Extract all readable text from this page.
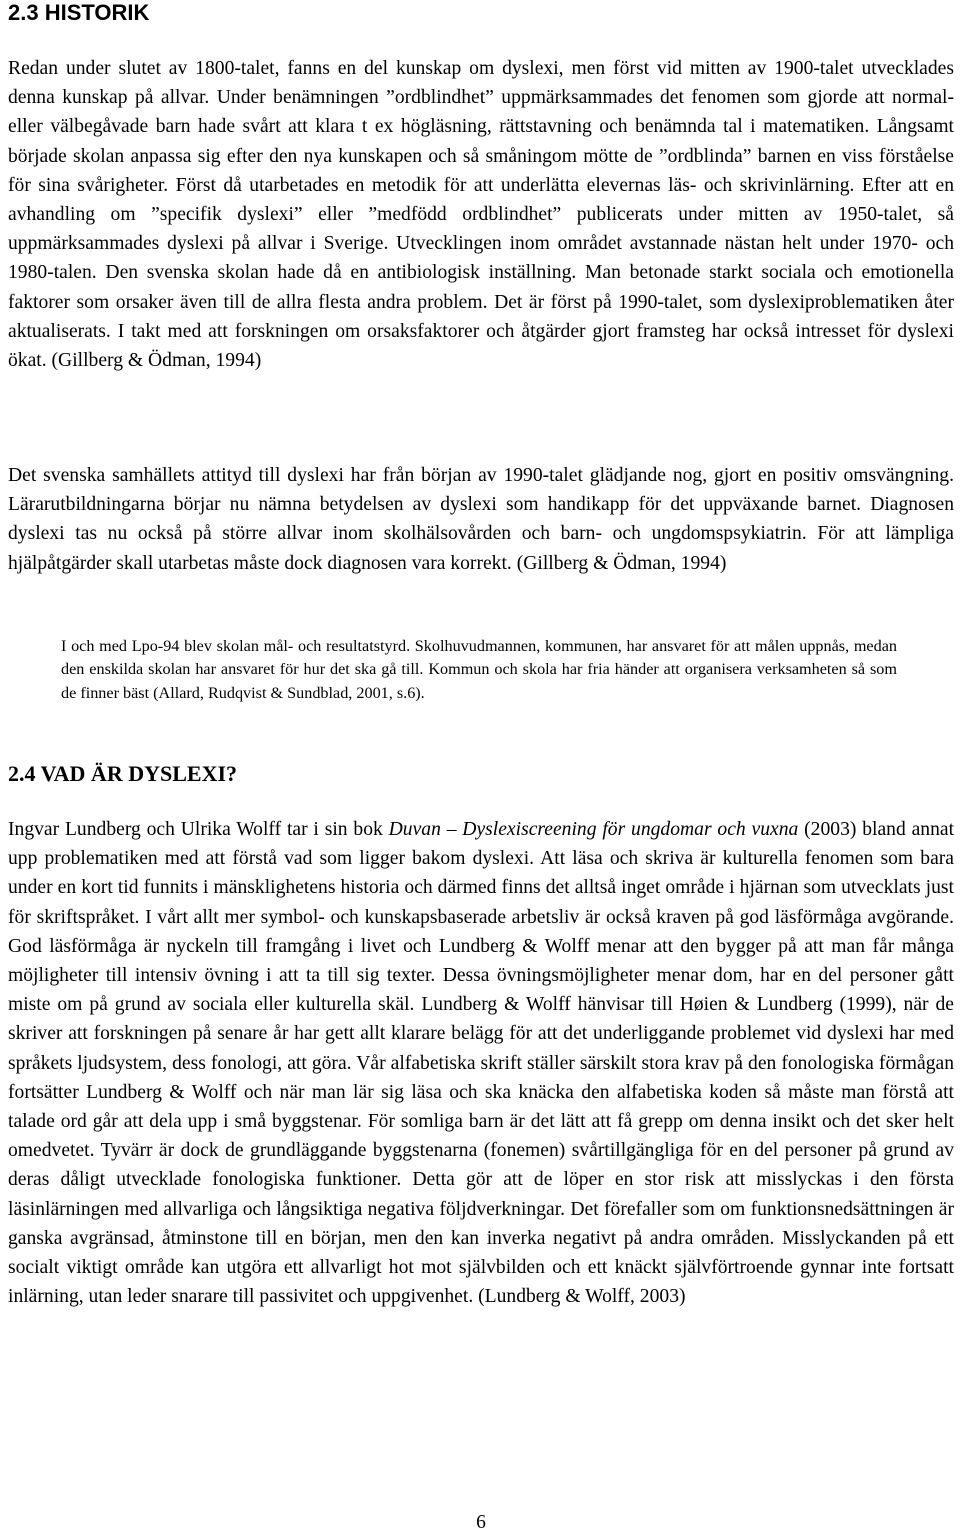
2.3 HISTORIK

Redan under slutet av 1800-talet, fanns en del kunskap om dyslexi, men först vid mitten av 1900-talet utvecklades denna kunskap på allvar. Under benämningen ”ordblindhet” uppmärksammades det fenomen som gjorde att normal- eller välbegåvade barn hade svårt att klara t ex högläsning, rättstavning och benämnda tal i matematiken. Långsamt började skolan anpassa sig efter den nya kunskapen och så småningom mötte de ”ordblinda” barnen en viss förståelse för sina svårigheter. Först då utarbetades en metodik för att underlätta elevernas läs- och skrivinlärning. Efter att en avhandling om ”specifik dyslexi” eller ”medfödd ordblindhet” publicerats under mitten av 1950-talet, så uppmärksammades dyslexi på allvar i Sverige. Utvecklingen inom området avstannade nästan helt under 1970- och 1980-talen. Den svenska skolan hade då en antibiologisk inställning. Man betonade starkt sociala och emotionella faktorer som orsaker även till de allra flesta andra problem. Det är först på 1990-talet, som dyslexiproblematiken åter aktualiserats. I takt med att forskningen om orsaksfaktorer och åtgärder gjort framsteg har också intresset för dyslexi ökat. (Gillberg & Ödman, 1994)

Det svenska samhällets attityd till dyslexi har från början av 1990-talet glädjande nog, gjort en positiv omsvängning. Lärarutbildningarna börjar nu nämna betydelsen av dyslexi som handikapp för det uppväxande barnet. Diagnosen dyslexi tas nu också på större allvar inom skolhälsovården och barn- och ungdomspsykiatrin. För att lämpliga hjälpåtgärder skall utarbetas måste dock diagnosen vara korrekt. (Gillberg & Ödman, 1994)

I och med Lpo-94 blev skolan mål- och resultatstyrd. Skolhuvudmannen, kommunen, har ansvaret för att målen uppnås, medan den enskilda skolan har ansvaret för hur det ska gå till. Kommun och skola har fria händer att organisera verksamheten så som de finner bäst (Allard, Rudqvist & Sundblad, 2001, s.6).

2.4 VAD ÄR DYSLEXI?

Ingvar Lundberg och Ulrika Wolff tar i sin bok Duvan – Dyslexiscreening för ungdomar och vuxna (2003) bland annat upp problematiken med att förstå vad som ligger bakom dyslexi. Att läsa och skriva är kulturella fenomen som bara under en kort tid funnits i mänsklighetens historia och därmed finns det alltså inget område i hjärnan som utvecklats just för skriftspråket. I vårt allt mer symbol- och kunskapsbaserade arbetsliv är också kraven på god läsförmåga avgörande. God läsförmåga är nyckeln till framgång i livet och Lundberg & Wolff menar att den bygger på att man får många möjligheter till intensiv övning i att ta till sig texter. Dessa övningsmöjligheter menar dom, har en del personer gått miste om på grund av sociala eller kulturella skäl. Lundberg & Wolff hänvisar till Høien & Lundberg (1999), när de skriver att forskningen på senare år har gett allt klarare belägg för att det underliggande problemet vid dyslexi har med språkets ljudsystem, dess fonologi, att göra. Vår alfabetiska skrift ställer särskilt stora krav på den fonologiska förmågan fortsätter Lundberg & Wolff och när man lär sig läsa och ska knäcka den alfabetiska koden så måste man förstå att talade ord går att dela upp i små byggstenar. För somliga barn är det lätt att få grepp om denna insikt och det sker helt omedvetet. Tyvärr är dock de grundläggande byggstenarna (fonemen) svårtillgängliga för en del personer på grund av deras dåligt utvecklade fonologiska funktioner. Detta gör att de löper en stor risk att misslyckas i den första läsinlärningen med allvarliga och långsiktiga negativa följdverkningar. Det förefaller som om funktionsnedsättningen är ganska avgränsad, åtminstone till en början, men den kan inverka negativt på andra områden. Misslyckanden på ett socialt viktigt område kan utgöra ett allvarligt hot mot självbilden och ett knäckt självförtroende gynnar inte fortsatt inlärning, utan leder snarare till passivitet och uppgivenhet. (Lundberg & Wolff, 2003)

6
